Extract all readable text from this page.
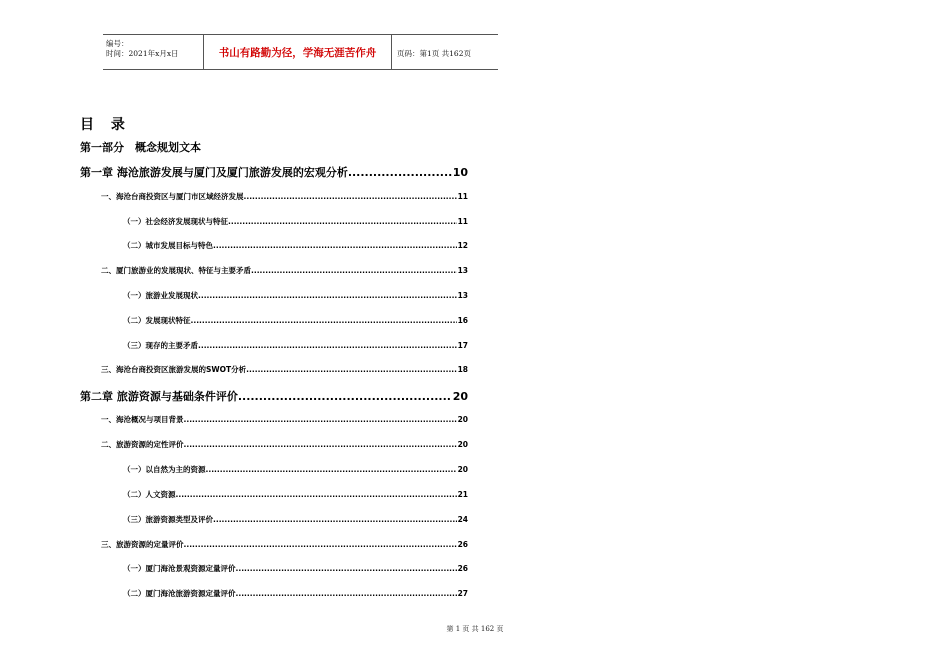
编号：
时间：2021年x月x日	书山有路勤为径，学海无涯苦作舟	页码：第1页 共162页
目 录
第一部分　概念规划文本
第一章 海沧旅游发展与厦门及厦门旅游发展的宏观分析 .....	10
一、海沧台商投资区与厦门市区域经济发展 .....	11
（一）社会经济发展现状与特征 .....	11
（二）城市发展目标与特色 .....	12
二、厦门旅游业的发展现状、特征与主要矛盾 .....	13
（一）旅游业发展现状 .....	13
（二）发展现状特征 .....	16
（三）现存的主要矛盾 .....	17
三、海沧台商投资区旅游发展的SWOT分析 .....	18
第二章 旅游资源与基础条件评价 .....	20
一、海沧概况与项目背景 .....	20
二、旅游资源的定性评价 .....	20
（一）以自然为主的资源 .....	20
（二）人文资源 .....	21
（三）旅游资源类型及评价 .....	24
三、旅游资源的定量评价 .....	26
（一）厦门海沧景观资源定量评价 .....	26
（二）厦门海沧旅游资源定量评价 .....	27
第 1 页 共 162 页
